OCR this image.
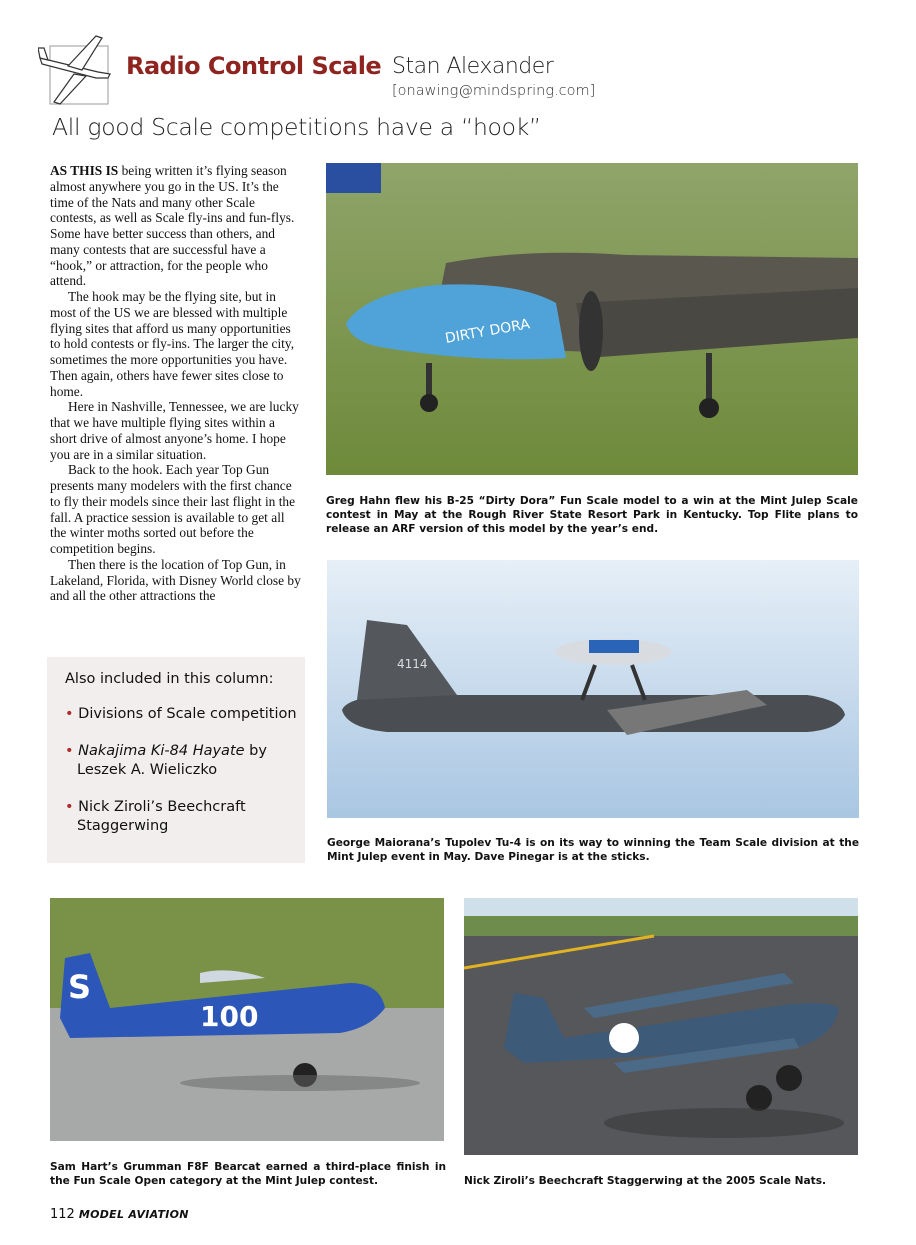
Radio Control Scale Stan Alexander
[onawing@mindspring.com]
All good Scale competitions have a “hook”

AS THIS IS being written it’s flying season almost anywhere you go in the US. It’s the time of the Nats and many other Scale contests, as well as Scale fly-ins and fun-flys. Some have better success than others, and many contests that are successful have a “hook,” or attraction, for the people who attend.

The hook may be the flying site, but in most of the US we are blessed with multiple flying sites that afford us many opportunities to hold contests or fly-ins. The larger the city, sometimes the more opportunities you have. Then again, others have fewer sites close to home.

Here in Nashville, Tennessee, we are lucky that we have multiple flying sites within a short drive of almost anyone’s home. I hope you are in a similar situation.

Back to the hook. Each year Top Gun presents many modelers with the first chance to fly their models since their last flight in the fall. A practice session is available to get all the winter moths sorted out before the competition begins.

Then there is the location of Top Gun, in Lakeland, Florida, with Disney World close by and all the other attractions the

DIRTY DORA
Greg Hahn flew his B-25 “Dirty Dora” Fun Scale model to a win at the Mint Julep Scale contest in May at the Rough River State Resort Park in Kentucky. Top Flite plans to release an ARF version of this model by the year’s end.
4114
George Maiorana’s Tupolev Tu-4 is on its way to winning the Team Scale division at the Mint Julep event in May. Dave Pinegar is at the sticks.
Also included in this column:
• Divisions of Scale competition
• Nakajima Ki-84 Hayate by Leszek A. Wieliczko
• Nick Ziroli’s Beechcraft Staggerwing
S
100
Sam Hart’s Grumman F8F Bearcat earned a third-place finish in the Fun Scale Open category at the Mint Julep contest.	Nick Ziroli’s Beechcraft Staggerwing at the 2005 Scale Nats.
112 MODEL AVIATION
